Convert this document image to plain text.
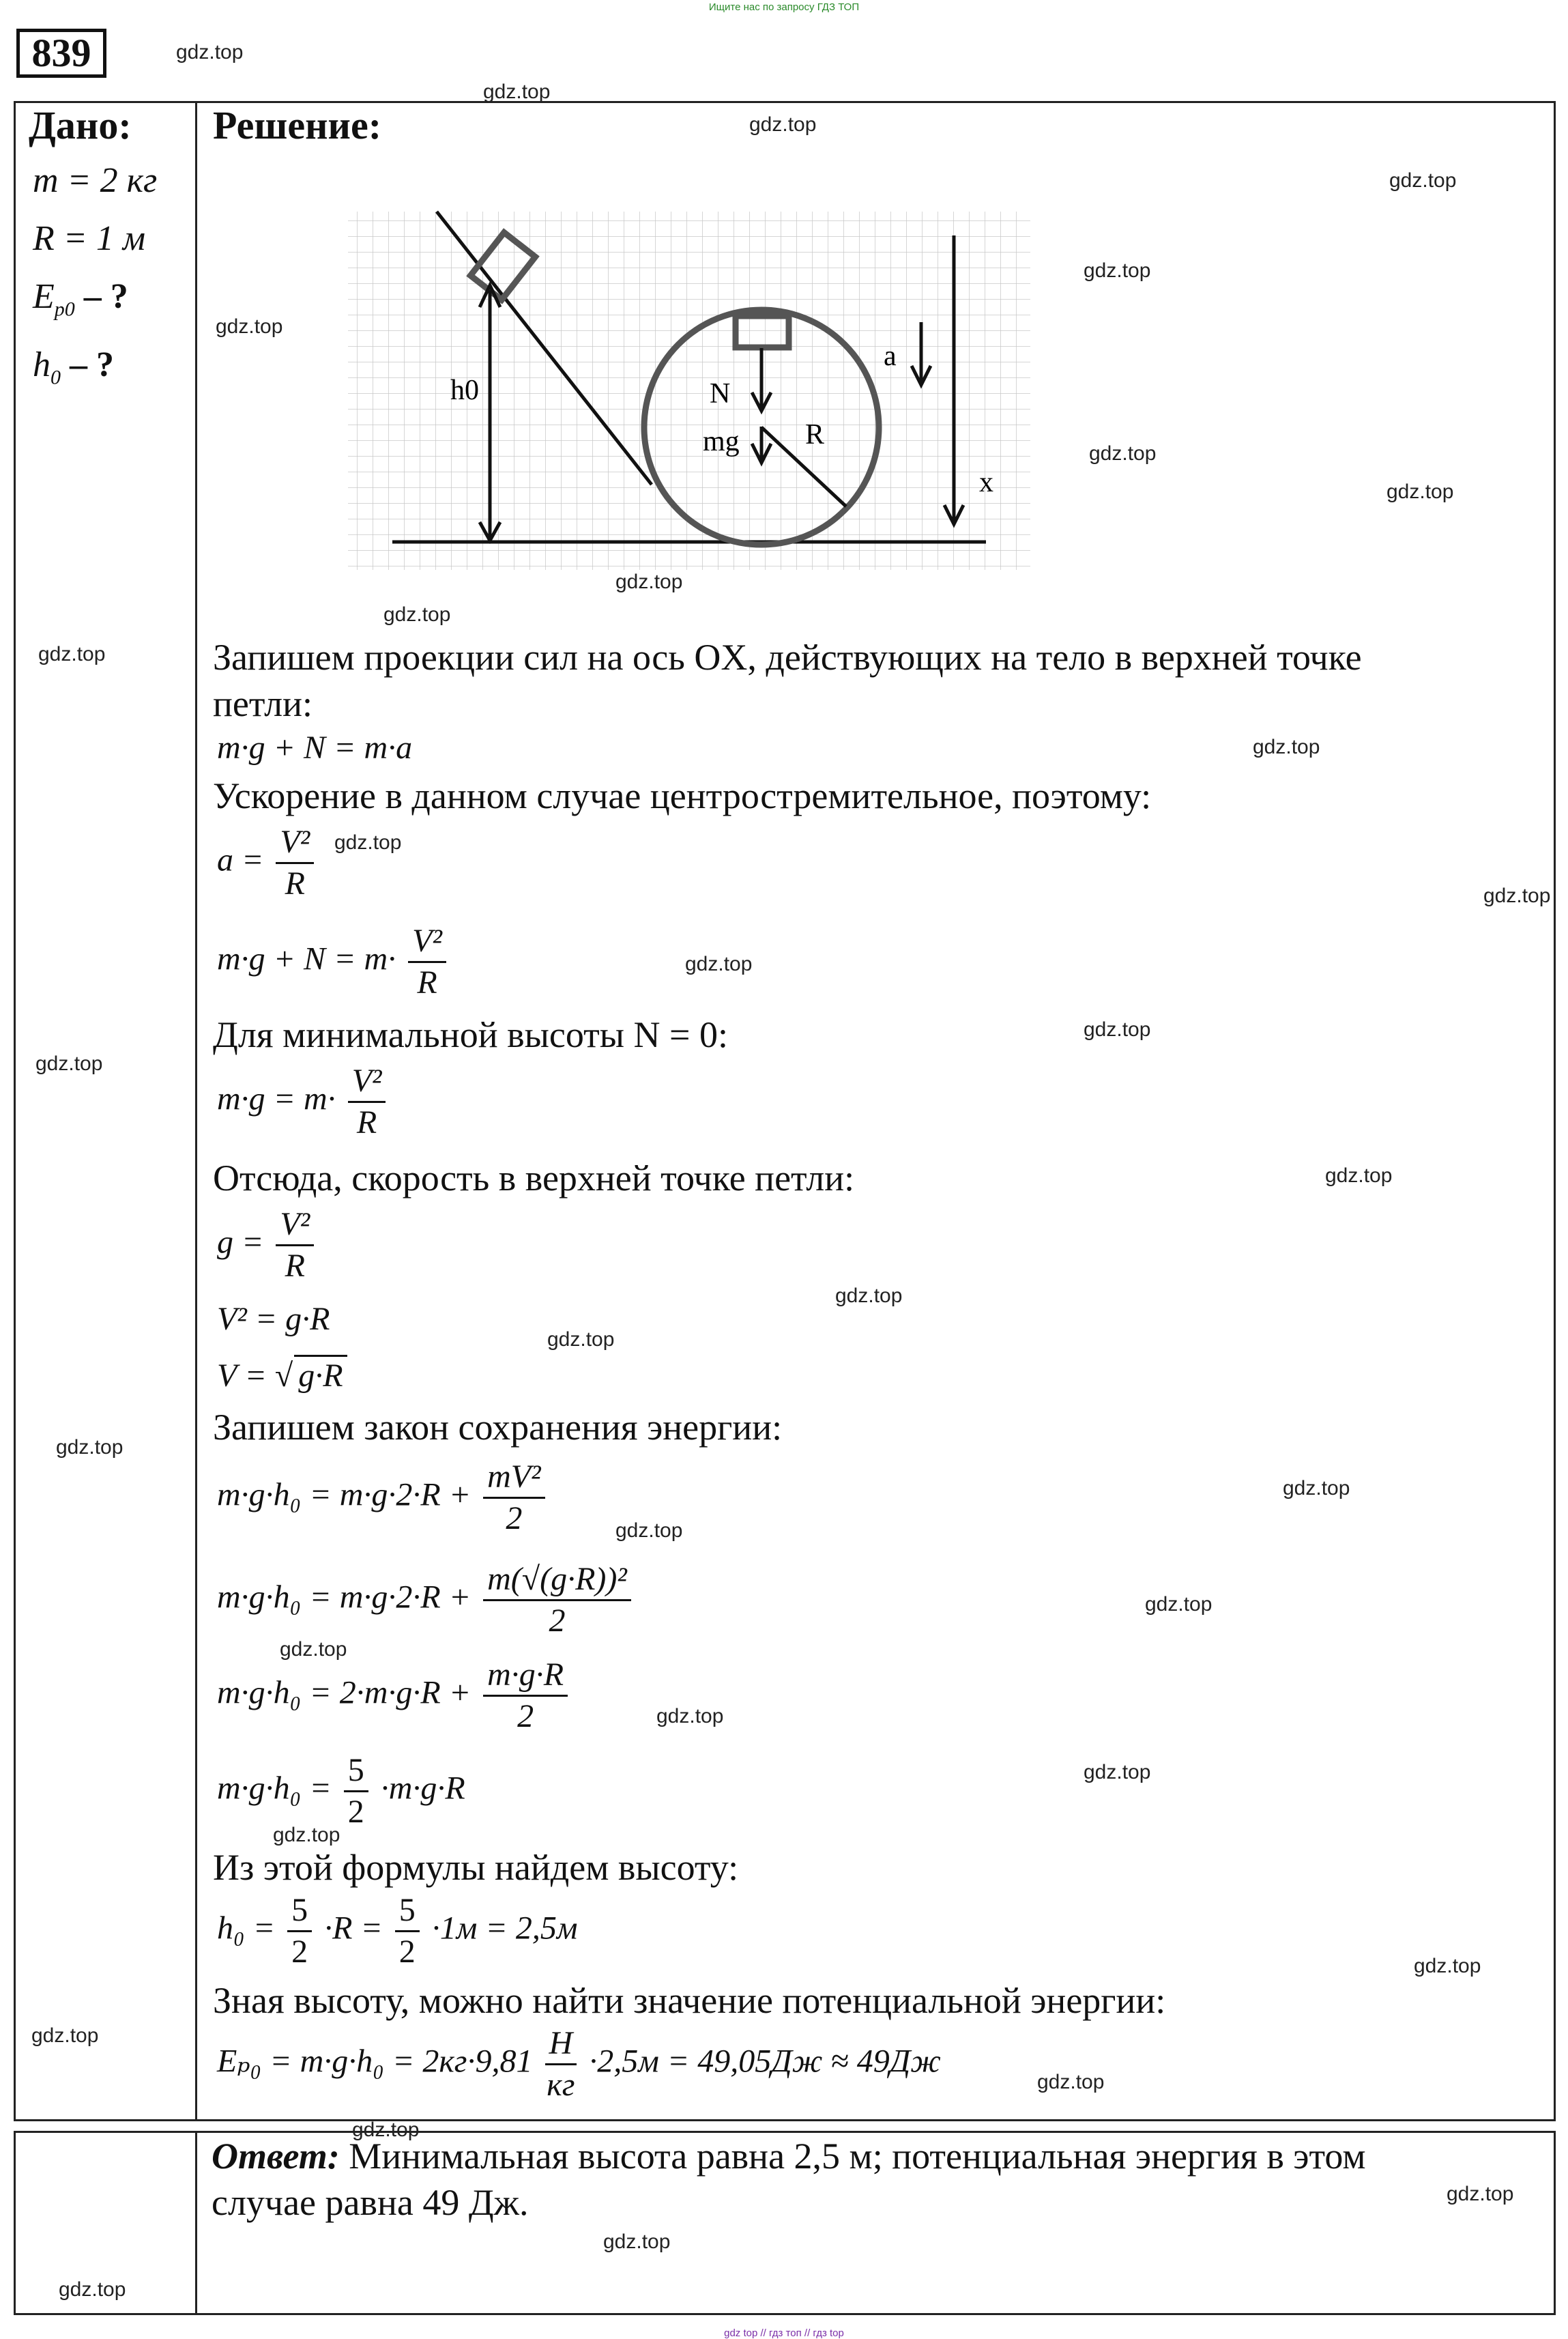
Ищите нас по запросу ГДЗ ТОП
839
Дано:
m = 2 кг
R = 1 м
$E_{p0}$ – ?
$h_0$ – ?
Решение:
h0	N
mg R
a
x
Запишем проекции сил на ось OX, действующих на тело в верхней точке
петли:
m·g + N = m·a
Ускорение в данном случае центростремительное, поэтому:
$a = \frac{\text{V²}}{R}$
$m\cdot g + N = m\cdot \frac{\text{V²}}{R}$
Для минимальной высоты N = 0:
$m\cdot g = m\cdot \frac{\text{V²}}{R}$
Отсюда, скорость в верхней точке петли:
$g = \frac{\text{V²}}{R}$
V² = g·R
V = √ g·R
Запишем закон сохранения энергии:
$m\cdot g\cdot h_0 = m\cdot g\cdot 2\cdot R + \frac{\text{mV²}}{2}$
$m\cdot g\cdot h_0 = m\cdot g\cdot 2\cdot R + \frac{\text{m(√(g·R))²}}{2}$
$m\cdot g\cdot h_0 = 2\cdot m\cdot g\cdot R + \frac{m\cdot g\cdot R}{2}$
$m\cdot g\cdot h_0 = \frac{5}{2} \cdot m\cdot g\cdot R$
Из этой формулы найдем высоту:
$h_0 = \frac{5}{2} \cdot R = \frac{5}{2} \cdot 1м = 2,5м$
Зная высоту, можно найти значение потенциальной энергии:
$E_{p0} = m\cdot g\cdot h_0 = 2кг\cdot 9,81 \frac{Н}{кг} \cdot 2,5м = 49,05Дж \approx 49Дж$
Ответ: Минимальная высота равна 2,5 м; потенциальная энергия в этом
случае равна 49 Дж.
gdz.top
gdz.top
gdz.top
gdz.top
gdz.top
gdz.top
gdz.top
gdz.top
gdz.top
gdz.top
gdz.top
gdz.top
gdz.top
gdz.top
gdz.top
gdz.top
gdz.top
gdz.top
gdz.top
gdz.top
gdz.top
gdz.top
gdz.top
gdz.top
gdz.top
gdz.top
gdz.top
gdz.top
gdz.top
gdz.top
gdz.top
gdz.top
gdz.top
gdz.top
gdz.top
gdz top // гдз топ // гдз top
